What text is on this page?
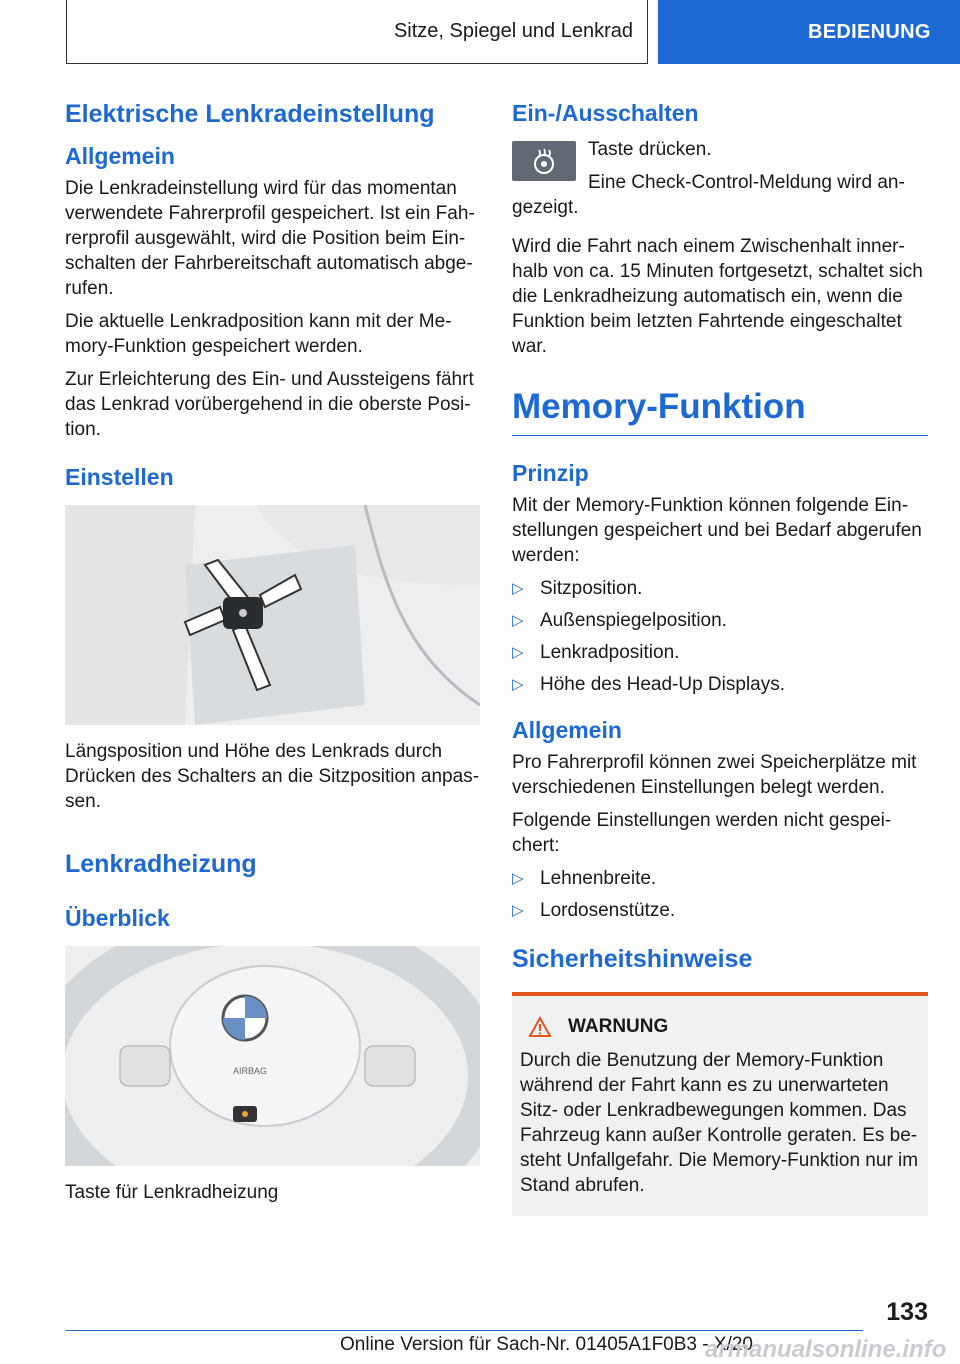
Sitze, Spiegel und Lenkrad	BEDIENUNG
Elektrische Lenkradeinstellung
Allgemein

Die Lenkradeinstellung wird für das momentan verwendete Fahrerprofil gespeichert. Ist ein Fahrerprofil ausgewählt, wird die Position beim Einschalten der Fahrbereitschaft automatisch abgerufen.

Die aktuelle Lenkradposition kann mit der Memory-Funktion gespeichert werden.

Zur Erleichterung des Ein- und Aussteigens fährt das Lenkrad vorübergehend in die oberste Position.

Einstellen

Längsposition und Höhe des Lenkrads durch Drücken des Schalters an die Sitzposition anpassen.

Lenkradheizung
Überblick
AIRBAG

Taste für Lenkradheizung

Ein-/Ausschalten

Taste drücken.

Eine Check-Control-Meldung wird angezeigt.

Wird die Fahrt nach einem Zwischenhalt innerhalb von ca. 15 Minuten fortgesetzt, schaltet sich die Lenkradheizung automatisch ein, wenn die Funktion beim letzten Fahrtende eingeschaltet war.

Memory-Funktion
Prinzip

Mit der Memory-Funktion können folgende Einstellungen gespeichert und bei Bedarf abgerufen werden:

▷ Sitzposition.
▷ Außenspiegelposition.
▷ Lenkradposition.
▷ Höhe des Head-Up Displays.
Allgemein

Pro Fahrerprofil können zwei Speicherplätze mit verschiedenen Einstellungen belegt werden.

Folgende Einstellungen werden nicht gespeichert:

▷ Lehnenbreite.
▷ Lordosenstütze.
Sicherheitshinweise
WARNUNG

Durch die Benutzung der Memory-Funktion während der Fahrt kann es zu unerwarteten Sitz- oder Lenkradbewegungen kommen. Das Fahrzeug kann außer Kontrolle geraten. Es besteht Unfallgefahr. Die Memory-Funktion nur im Stand abrufen.

133
Online Version für Sach-Nr. 01405A1F0B3 - X/20
armanualsonline.info
